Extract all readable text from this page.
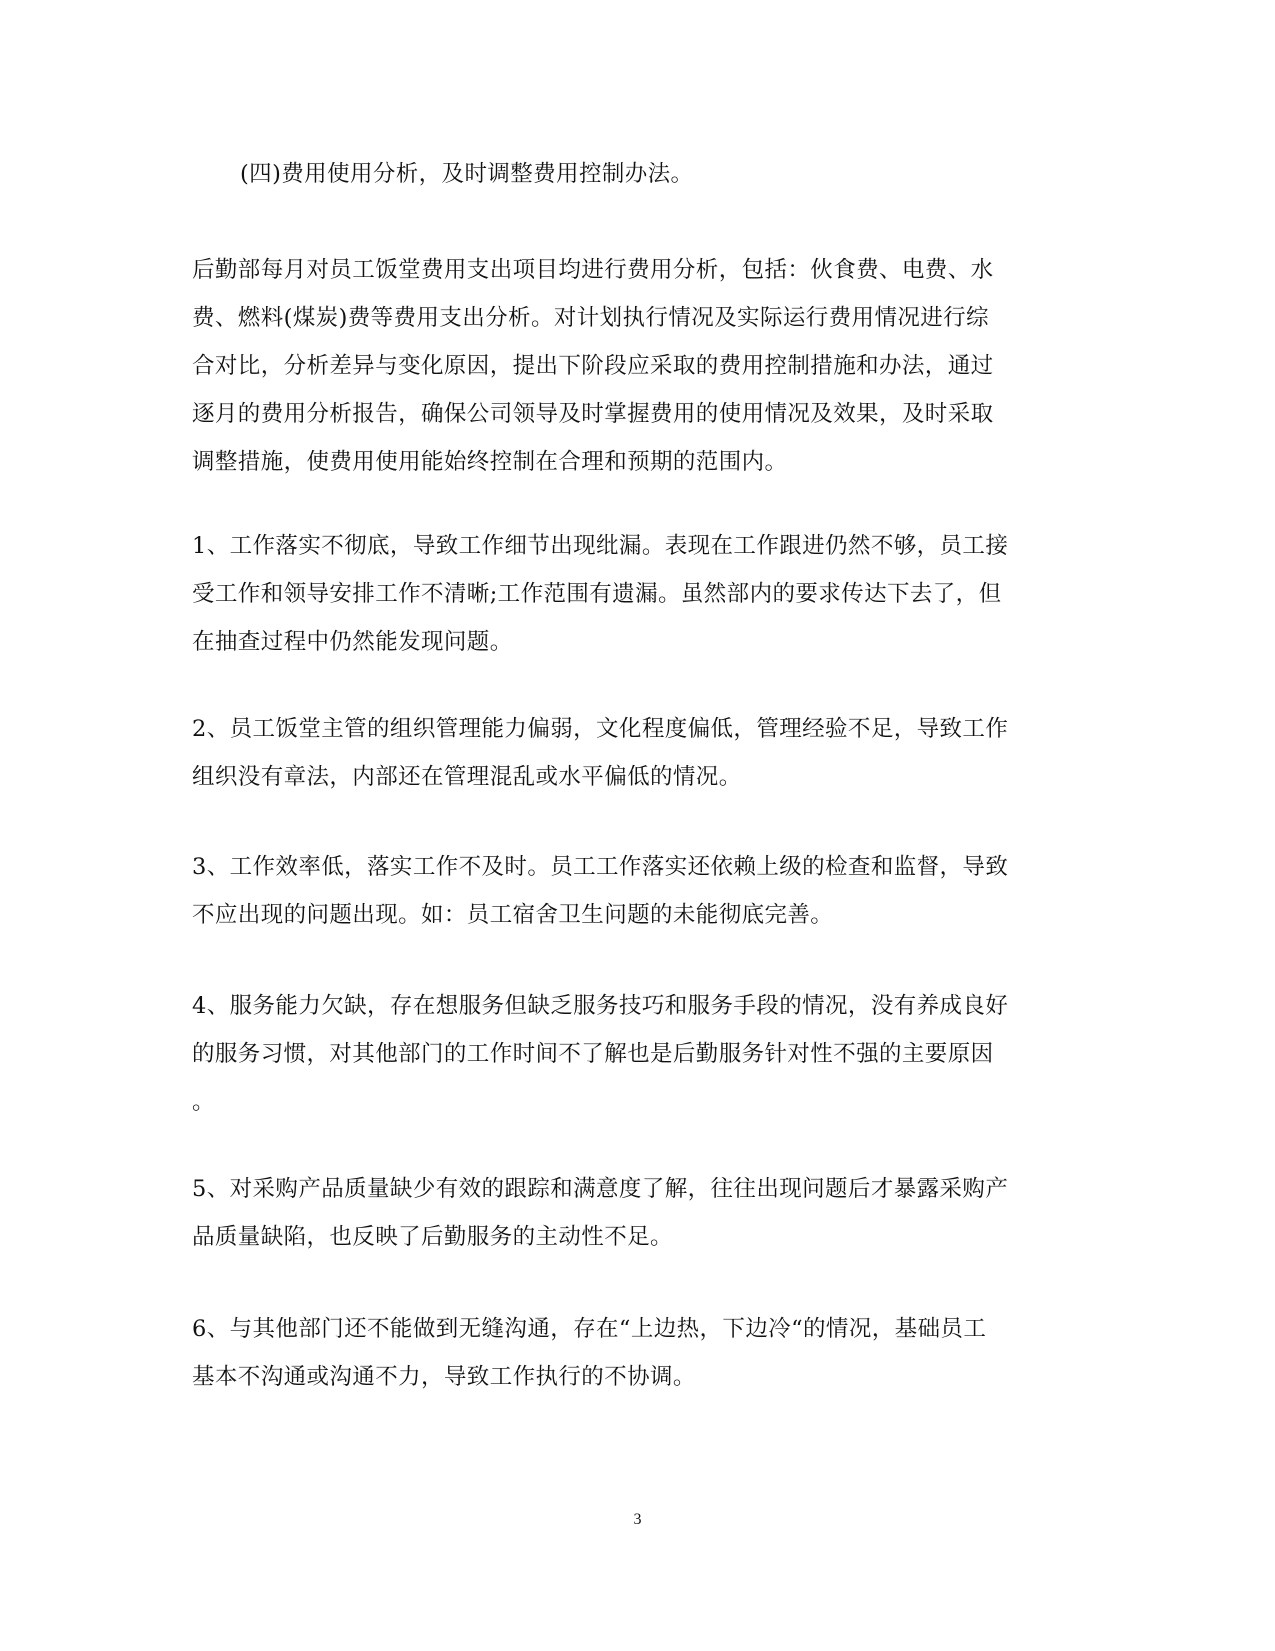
(四)费用使用分析，及时调整费用控制办法。

后勤部每月对员工饭堂费用支出项目均进行费用分析，包括：伙食费、电费、水
费、燃料(煤炭)费等费用支出分析。对计划执行情况及实际运行费用情况进行综
合对比，分析差异与变化原因，提出下阶段应采取的费用控制措施和办法，通过
逐月的费用分析报告，确保公司领导及时掌握费用的使用情况及效果，及时采取
调整措施，使费用使用能始终控制在合理和预期的范围内。

1、工作落实不彻底，导致工作细节出现纰漏。表现在工作跟进仍然不够，员工接
受工作和领导安排工作不清晰;工作范围有遗漏。虽然部内的要求传达下去了，但
在抽查过程中仍然能发现问题。

2、员工饭堂主管的组织管理能力偏弱，文化程度偏低，管理经验不足，导致工作
组织没有章法，内部还在管理混乱或水平偏低的情况。

3、工作效率低，落实工作不及时。员工工作落实还依赖上级的检查和监督，导致
不应出现的问题出现。如：员工宿舍卫生问题的未能彻底完善。

4、服务能力欠缺，存在想服务但缺乏服务技巧和服务手段的情况，没有养成良好
的服务习惯，对其他部门的工作时间不了解也是后勤服务针对性不强的主要原因
。

5、对采购产品质量缺少有效的跟踪和满意度了解，往往出现问题后才暴露采购产
品质量缺陷，也反映了后勤服务的主动性不足。

6、与其他部门还不能做到无缝沟通，存在“上边热，下边冷“的情况，基础员工
基本不沟通或沟通不力，导致工作执行的不协调。

3
